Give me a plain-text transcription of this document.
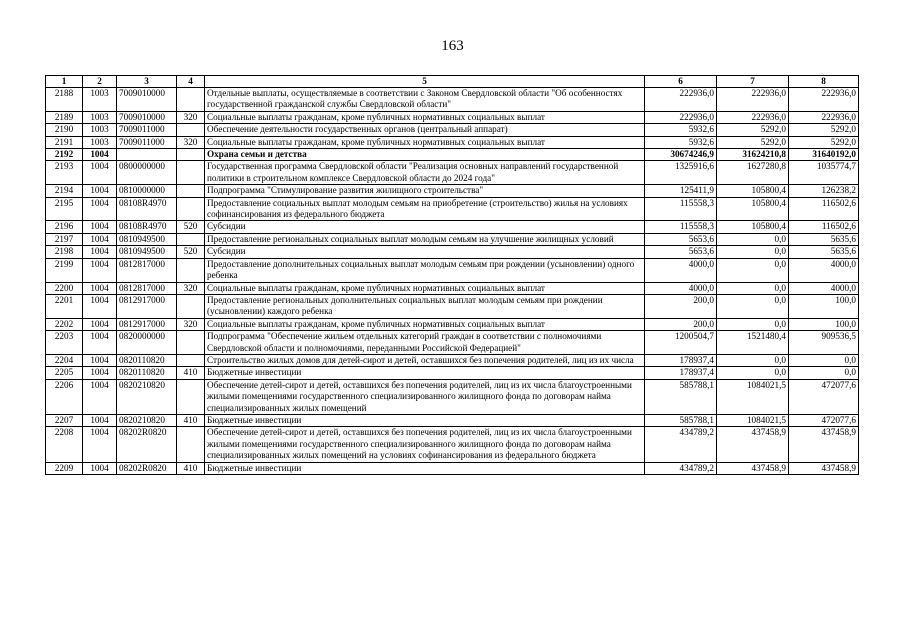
163
1	2	3	4	5	6	7	8
2188	1003	7009010000		Отдельные выплаты, осуществляемые в соответствии с Законом Свердловской области "Об особенностях государственной гражданской службы Свердловской области"	222936,0	222936,0	222936,0
2189	1003	7009010000	320	Социальные выплаты гражданам, кроме публичных нормативных социальных выплат	222936,0	222936,0	222936,0
2190	1003	7009011000		Обеспечение деятельности государственных органов (центральный аппарат)	5932,6	5292,0	5292,0
2191	1003	7009011000	320	Социальные выплаты гражданам, кроме публичных нормативных социальных выплат	5932,6	5292,0	5292,0
2192	1004			Охрана семьи и детства	30674246,9	31624210,8	31640192,0
2193	1004	0800000000		Государственная программа Свердловской области "Реализация основных направлений государственной политики в строительном комплексе Свердловской области до 2024 года"	1325916,6	1627280,8	1035774,7
2194	1004	0810000000		Подпрограмма "Стимулирование развития жилищного строительства"	125411,9	105800,4	126238,2
2195	1004	08108R4970		Предоставление социальных выплат молодым семьям на приобретение (строительство) жилья на условиях софинансирования из федерального бюджета	115558,3	105800,4	116502,6
2196	1004	08108R4970	520	Субсидии	115558,3	105800,4	116502,6
2197	1004	0810949500		Предоставление региональных социальных выплат молодым семьям на улучшение жилищных условий	5653,6	0,0	5635,6
2198	1004	0810949500	520	Субсидии	5653,6	0,0	5635,6
2199	1004	0812817000		Предоставление дополнительных социальных выплат молодым семьям при рождении (усыновлении) одного ребенка	4000,0	0,0	4000,0
2200	1004	0812817000	320	Социальные выплаты гражданам, кроме публичных нормативных социальных выплат	4000,0	0,0	4000,0
2201	1004	0812917000		Предоставление региональных дополнительных социальных выплат молодым семьям при рождении (усыновлении) каждого ребенка	200,0	0,0	100,0
2202	1004	0812917000	320	Социальные выплаты гражданам, кроме публичных нормативных социальных выплат	200,0	0,0	100,0
2203	1004	0820000000		Подпрограмма "Обеспечение жильем отдельных категорий граждан в соответствии с полномочиями Свердловской области и полномочиями, переданными Российской Федерацией"	1200504,7	1521480,4	909536,5
2204	1004	0820110820		Строительство жилых домов для детей-сирот и детей, оставшихся без попечения родителей, лиц из их числа	178937,4	0,0	0,0
2205	1004	0820110820	410	Бюджетные инвестиции	178937,4	0,0	0,0
2206	1004	0820210820		Обеспечение детей-сирот и детей, оставшихся без попечения родителей, лиц из их числа благоустроенными жилыми помещениями государственного специализированного жилищного фонда по договорам найма специализированных жилых помещений	585788,1	1084021,5	472077,6
2207	1004	0820210820	410	Бюджетные инвестиции	585788,1	1084021,5	472077,6
2208	1004	08202R0820		Обеспечение детей-сирот и детей, оставшихся без попечения родителей, лиц из их числа благоустроенными жилыми помещениями государственного специализированного жилищного фонда по договорам найма специализированных жилых помещений на условиях софинансирования из федерального бюджета	434789,2	437458,9	437458,9
2209	1004	08202R0820	410	Бюджетные инвестиции	434789,2	437458,9	437458,9
